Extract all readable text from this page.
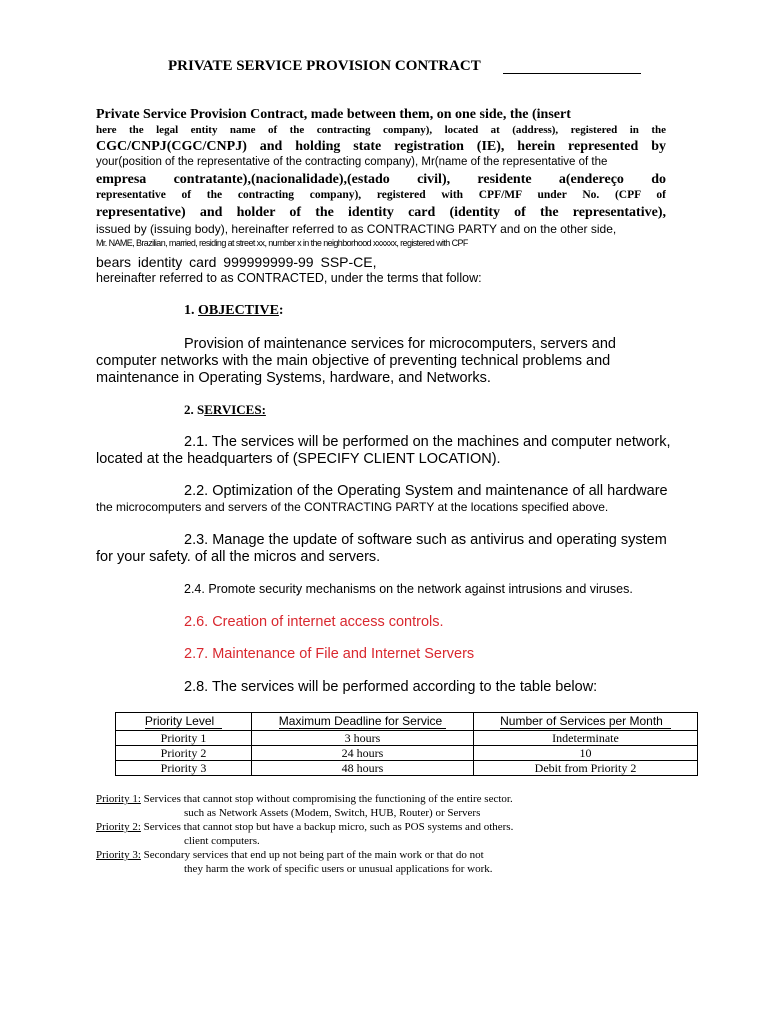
PRIVATE SERVICE PROVISION CONTRACT
Private Service Provision Contract, made between them, on one side, the (insert
here the legal entity name of the contracting company), located at (address), registered in the
CGC/CNPJ(CGC/CNPJ) and holding state registration (IE), herein represented by
your(position of the representative of the contracting company), Mr(name of the representative of the
empresa contratante),(nacionalidade),(estado civil), residente a(endereço do
representative of the contracting company), registered with CPF/MF under No. (CPF of
representative) and holder of the identity card (identity of the representative),
issued by (issuing body), hereinafter referred to as CONTRACTING PARTY and on the other side,
Mr. NAME, Brazilian, married, residing at street xx, number x in the neighborhood xxxxxx, registered with CPF
bears identity card 999999999-99 SSP-CE,
hereinafter referred to as CONTRACTED, under the terms that follow:
1. OBJECTIVE:
Provision of maintenance services for microcomputers, servers and
computer networks with the main objective of preventing technical problems and
maintenance in Operating Systems, hardware, and Networks.
2. SERVICES:
2.1. The services will be performed on the machines and computer network,
located at the headquarters of (SPECIFY CLIENT LOCATION).
2.2. Optimization of the Operating System and maintenance of all hardware
the microcomputers and servers of the CONTRACTING PARTY at the locations specified above.
2.3. Manage the update of software such as antivirus and operating system
for your safety. of all the micros and servers.
2.4. Promote security mechanisms on the network against intrusions and viruses.
2.6. Creation of internet access controls.
2.7. Maintenance of File and Internet Servers
2.8. The services will be performed according to the table below:
Priority Level	Maximum Deadline for Service	Number of Services per Month
Priority 1	3 hours	Indeterminate
Priority 2	24 hours	10
Priority 3	48 hours	Debit from Priority 2
Priority 1: Services that cannot stop without compromising the functioning of the entire sector.
such as Network Assets (Modem, Switch, HUB, Router) or Servers
Priority 2: Services that cannot stop but have a backup micro, such as POS systems and others.
client computers.
Priority 3: Secondary services that end up not being part of the main work or that do not
they harm the work of specific users or unusual applications for work.
